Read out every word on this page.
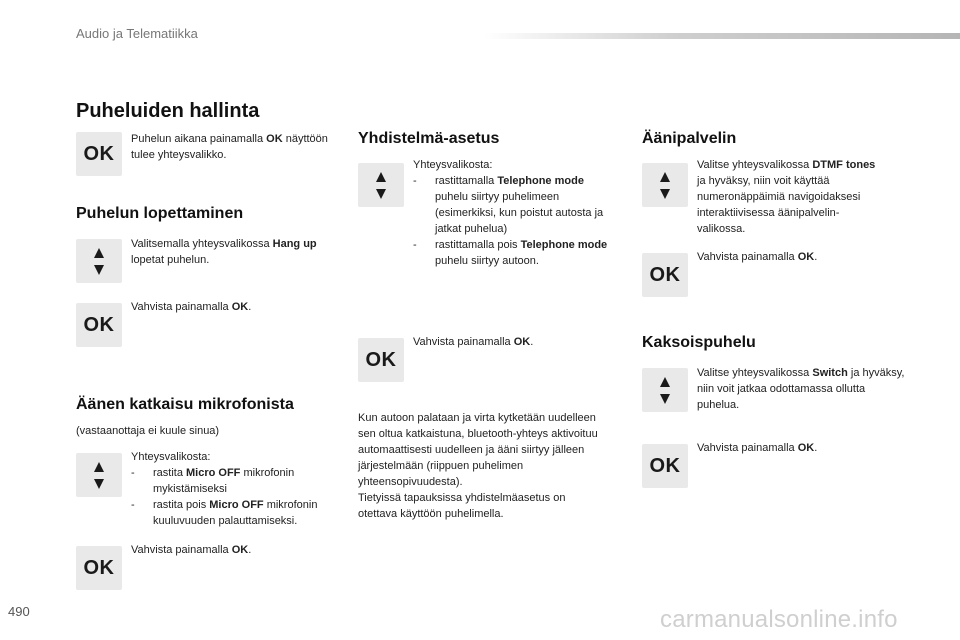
Audio ja Telematiikka
Puheluiden hallinta
OK

Puhelun aikana painamalla OK näyttöön tulee yhteysvalikko.

Puhelun lopettaminen

Valitsemalla yhteysvalikossa Hang up lopetat puhelun.

OK

Vahvista painamalla OK.

Äänen katkaisu mikrofonista

(vastaanottaja ei kuule sinua)

Yhteysvalikosta:

- rastita Micro OFF mikrofonin mykistämiseksi
- rastita pois Micro OFF mikrofonin kuuluvuuden palauttamiseksi.
OK

Vahvista painamalla OK.

Yhdistelmä-asetus

Yhteysvalikosta:

- rastittamalla Telephone mode puhelu siirtyy puhelimeen (esimerkiksi, kun poistut autosta ja jatkat puhelua)
- rastittamalla pois Telephone mode puhelu siirtyy autoon.
OK

Vahvista painamalla OK.

Kun autoon palataan ja virta kytketään uudelleen sen oltua katkaistuna, bluetooth-yhteys aktivoituu automaattisesti uudelleen ja ääni siirtyy jälleen järjestelmään (riippuen puhelimen yhteensopivuudesta).

Tietyissä tapauksissa yhdistelmäasetus on otettava käyttöön puhelimella.

Äänipalvelin

Valitse yhteysvalikossa DTMF tones ja hyväksy, niin voit käyttää numeronäppäimiä navigoidaksesi interaktiivisessa äänipalvelin-valikossa.

OK

Vahvista painamalla OK.

Kaksoispuhelu

Valitse yhteysvalikossa Switch ja hyväksy, niin voit jatkaa odottamassa ollutta puhelua.

OK

Vahvista painamalla OK.

490	carmanualsonline.info
